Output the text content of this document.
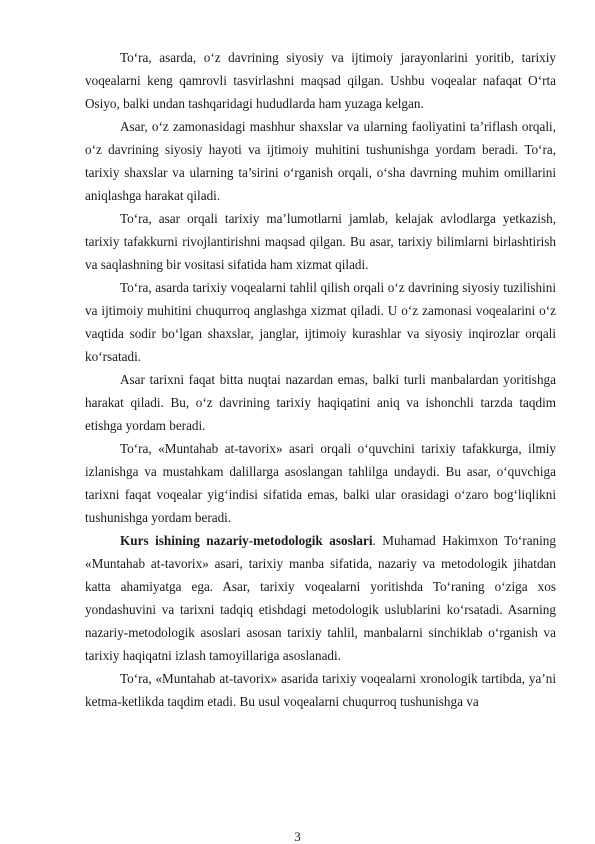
To‘ra, asarda, o‘z davrining siyosiy va ijtimoiy jarayonlarini yoritib, tarixiy voqealarni keng qamrovli tasvirlashni maqsad qilgan. Ushbu voqealar nafaqat O‘rta Osiyo, balki undan tashqaridagi hududlarda ham yuzaga kelgan.

Asar, o‘z zamonasidagi mashhur shaxslar va ularning faoliyatini ta’riflash orqali, o‘z davrining siyosiy hayoti va ijtimoiy muhitini tushunishga yordam beradi. To‘ra, tarixiy shaxslar va ularning ta’sirini o‘rganish orqali, o‘sha davrning muhim omillarini aniqlashga harakat qiladi.

To‘ra, asar orqali tarixiy ma’lumotlarni jamlab, kelajak avlodlarga yetkazish, tarixiy tafakkurni rivojlantirishni maqsad qilgan. Bu asar, tarixiy bilimlarni birlashtirish va saqlashning bir vositasi sifatida ham xizmat qiladi.

To‘ra, asarda tarixiy voqealarni tahlil qilish orqali o‘z davrining siyosiy tuzilishini va ijtimoiy muhitini chuqurroq anglashga xizmat qiladi. U o‘z zamonasi voqealarini o‘z vaqtida sodir bo‘lgan shaxslar, janglar, ijtimoiy kurashlar va siyosiy inqirozlar orqali ko‘rsatadi.

Asar tarixni faqat bitta nuqtai nazardan emas, balki turli manbalardan yoritishga harakat qiladi. Bu, o‘z davrining tarixiy haqiqatini aniq va ishonchli tarzda taqdim etishga yordam beradi.

To‘ra, «Muntahab at-tavorix» asari orqali o‘quvchini tarixiy tafakkurga, ilmiy izlanishga va mustahkam dalillarga asoslangan tahlilga undaydi. Bu asar, o‘quvchiga tarixni faqat voqealar yig‘indisi sifatida emas, balki ular orasidagi o‘zaro bog‘liqlikni tushunishga yordam beradi.

Kurs ishining nazariy-metodologik asoslari. Muhamad Hakimxon To‘raning «Muntahab at-tavorix» asari, tarixiy manba sifatida, nazariy va metodologik jihatdan katta ahamiyatga ega. Asar, tarixiy voqealarni yoritishda To‘raning o‘ziga xos yondashuvini va tarixni tadqiq etishdagi metodologik uslublarini ko‘rsatadi. Asarning nazariy-metodologik asoslari asosan tarixiy tahlil, manbalarni sinchiklab o‘rganish va tarixiy haqiqatni izlash tamoyillariga asoslanadi.

To‘ra, «Muntahab at-tavorix» asarida tarixiy voqealarni xronologik tartibda, ya’ni ketma-ketlikda taqdim etadi. Bu usul voqealarni chuqurroq tushunishga va

3
